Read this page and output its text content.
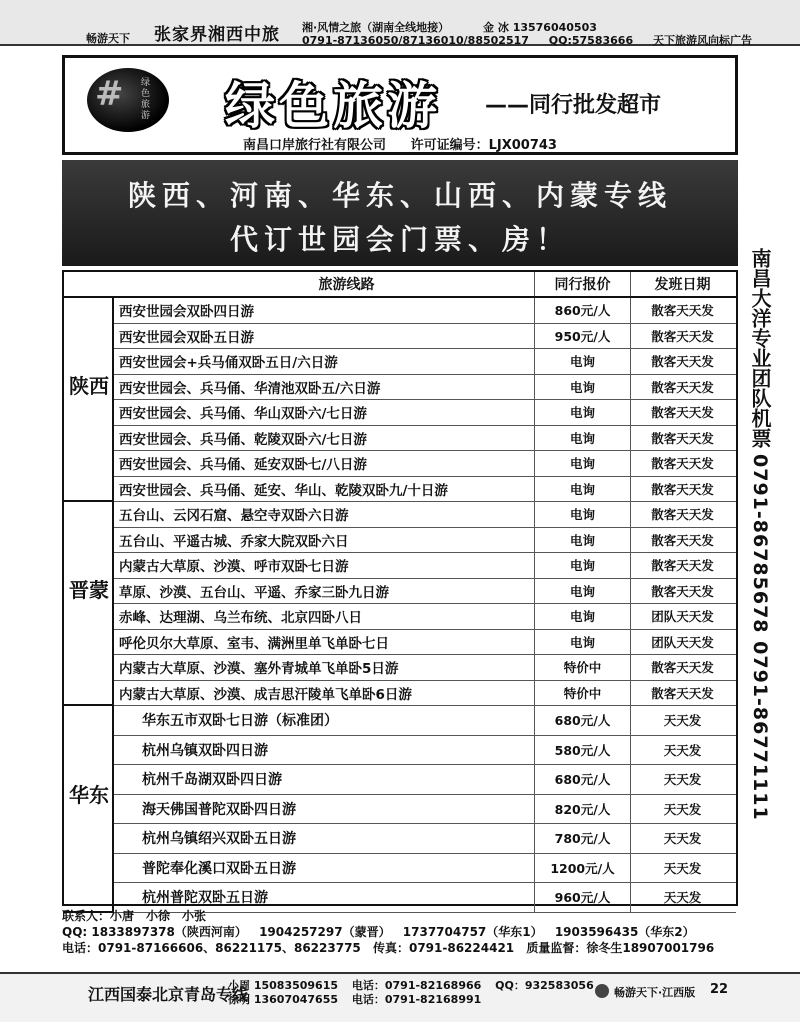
畅游天下 张家界湘西中旅 湘·风情之旅（湖南全线地接）	金 冰 13576040503
0791-87136050/87136010/88502517 QQ:57583666 天下旅游风向标广告
# 绿色旅游 绿色旅游 ——同行批发超市
南昌口岸旅行社有限公司 许可证编号：LJX00743
陕西、河南、华东、山西、内蒙专线
代订世园会门票、房！
南昌大洋专业团队机票
0791-86785678 0791-86771111
旅游线路	同行报价	发班日期
陕西
西安世园会双卧四日游	860元/人	散客天天发
西安世园会双卧五日游	950元/人	散客天天发
西安世园会+兵马俑双卧五日/六日游	电询	散客天天发
西安世园会、兵马俑、华清池双卧五/六日游	电询	散客天天发
西安世园会、兵马俑、华山双卧六/七日游	电询	散客天天发
西安世园会、兵马俑、乾陵双卧六/七日游	电询	散客天天发
西安世园会、兵马俑、延安双卧七/八日游	电询	散客天天发
西安世园会、兵马俑、延安、华山、乾陵双卧九/十日游	电询	散客天天发
晋蒙
五台山、云冈石窟、悬空寺双卧六日游	电询	散客天天发
五台山、平遥古城、乔家大院双卧六日	电询	散客天天发
内蒙古大草原、沙漠、呼市双卧七日游	电询	散客天天发
草原、沙漠、五台山、平遥、乔家三卧九日游	电询	散客天天发
赤峰、达理湖、乌兰布统、北京四卧八日	电询	团队天天发
呼伦贝尔大草原、室韦、满洲里单飞单卧七日	电询	团队天天发
内蒙古大草原、沙漠、塞外青城单飞单卧5日游	特价中	散客天天发
内蒙古大草原、沙漠、成吉思汗陵单飞单卧6日游	特价中	散客天天发
华东
华东五市双卧七日游（标准团）	680元/人	天天发
杭州乌镇双卧四日游	580元/人	天天发
杭州千岛湖双卧四日游	680元/人	天天发
海天佛国普陀双卧四日游	820元/人	天天发
杭州乌镇绍兴双卧五日游	780元/人	天天发
普陀奉化溪口双卧五日游	1200元/人	天天发
杭州普陀双卧五日游	960元/人	天天发
联系人：小唐　小徐　小张
QQ: 1833897378（陕西河南） 1904257297（蒙晋） 1737704757（华东1） 1903596435（华东2）
电话：0791-87166606、86221175、86223775 传真：0791-86224421 质量监督：徐冬生18907001796
江西国泰北京青岛专线
小周 15083509615 电话：0791-82168966 QQ：932583056
徐明 13607047655 电话：0791-82168991
畅游天下·江西版 22
